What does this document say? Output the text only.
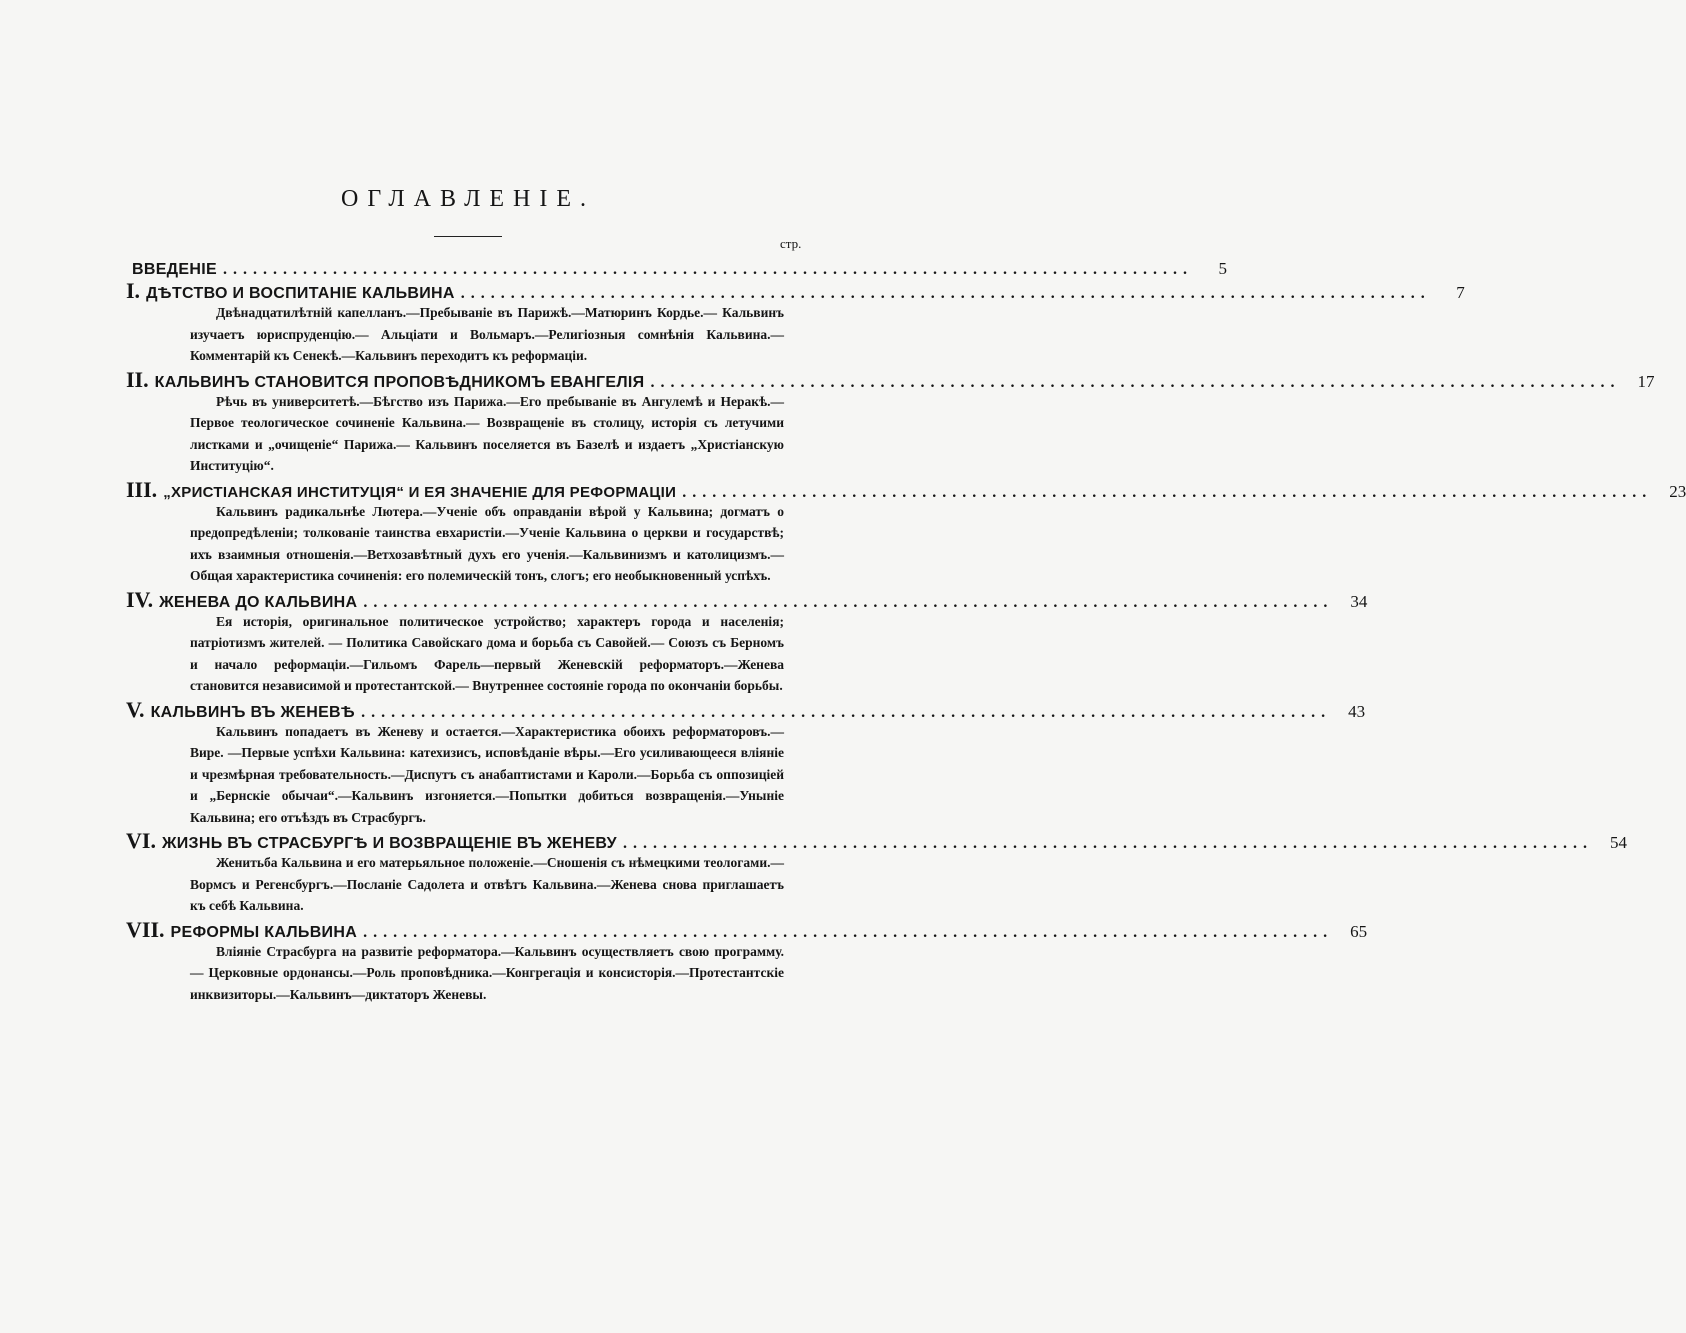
ОГЛАВЛЕНІЕ.
стр.
ВВЕДЕНІЕ .................................................................................................	5
I. ДѢТСТВО И ВОСПИТАНІЕ КАЛЬВИНА .................................................................................................	7
Двѣнадцатилѣтній капелланъ.—Пребываніе въ Парижѣ.—Матюринъ Кордье.— Кальвинъ изучаетъ юриспруденцію.— Альціати и Вольмаръ.—Религіозныя сомнѣнія Кальвина.—Комментарій къ Сенекѣ.—Кальвинъ переходитъ къ реформаціи.
II. КАЛЬВИНЪ СТАНОВИТСЯ ПРОПОВѢДНИКОМЪ ЕВАНГЕЛІЯ .................................................................................................	17
Рѣчь въ университетѣ.—Бѣгство изъ Парижа.—Его пребываніе въ Ангулемѣ и Неракѣ.—Первое теологическое сочиненіе Кальвина.— Возвращеніе въ столицу, исторія съ летучими листками и „очищеніе“ Парижа.— Кальвинъ поселяется въ Базелѣ и издаетъ „Христіанскую Институцію“.
III. „ХРИСТІАНСКАЯ ИНСТИТУЦІЯ“ И ЕЯ ЗНАЧЕНІЕ ДЛЯ РЕФОРМАЦІИ .................................................................................................	23
Кальвинъ радикальнѣе Лютера.—Ученіе объ оправданіи вѣрой у Кальвина; догматъ о предопредѣленіи; толкованіе таинства евхаристіи.—Ученіе Кальвина о церкви и государствѣ; ихъ взаимныя отношенія.—Ветхозавѣтный духъ его ученія.—Кальвинизмъ и католицизмъ.—Общая характеристика сочиненія: его полемическій тонъ, слогъ; его необыкновенный успѣхъ.
IV. ЖЕНЕВА ДО КАЛЬВИНА .................................................................................................	34
Ея исторія, оригинальное политическое устройство; характеръ города и населенія; патріотизмъ жителей. — Политика Савойскаго дома и борьба съ Савойей.— Союзъ съ Берномъ и начало реформаціи.—Гильомъ Фарель—первый Женевскій реформаторъ.—Женева становится независимой и протестантской.— Внутреннее состояніе города по окончаніи борьбы.
V. КАЛЬВИНЪ ВЪ ЖЕНЕВѢ .................................................................................................	43
Кальвинъ попадаетъ въ Женеву и остается.—Характеристика обоихъ реформаторовъ.—Вире. —Первые успѣхи Кальвина: катехизисъ, исповѣданіе вѣры.—Его усиливающееся вліяніе и чрезмѣрная требовательность.—Диспутъ съ анабаптистами и Кароли.—Борьба съ оппозиціей и „Бернскіе обычаи“.—Кальвинъ изгоняется.—Попытки добиться возвращенія.—Уныніе Кальвина; его отъѣздъ въ Страсбургъ.
VI. ЖИЗНЬ ВЪ СТРАСБУРГѢ И ВОЗВРАЩЕНІЕ ВЪ ЖЕНЕВУ .................................................................................................	54
Женитьба Кальвина и его матерьяльное положеніе.—Сношенія съ нѣмецкими теологами.—Вормсъ и Регенсбургъ.—Посланіе Садолета и отвѣтъ Кальвина.—Женева снова приглашаетъ къ себѣ Кальвина.
VII. РЕФОРМЫ КАЛЬВИНА .................................................................................................	65
Вліяніе Страсбурга на развитіе реформатора.—Кальвинъ осуществляетъ свою программу.— Церковные ордонансы.—Роль проповѣдника.—Конгрегація и консисторія.—Протестантскіе инквизиторы.—Кальвинъ—диктаторъ Женевы.
